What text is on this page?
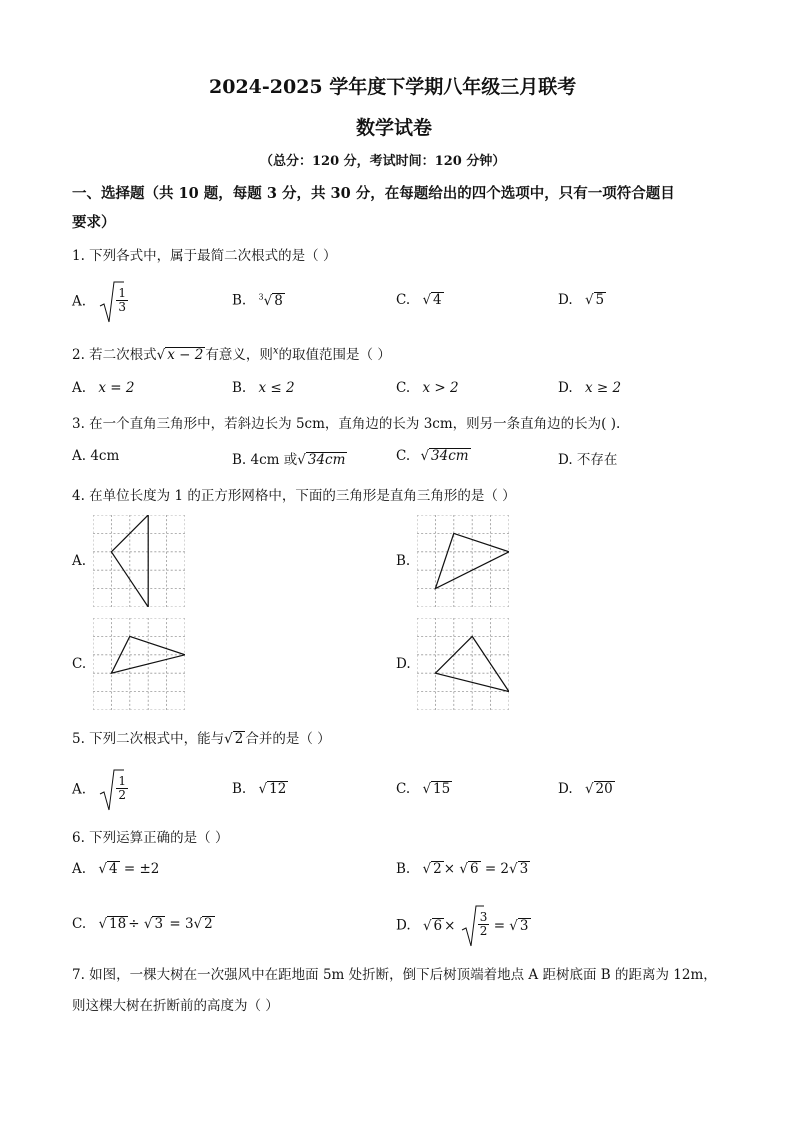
2024-2025 学年度下学期八年级三月联考
数学试卷
（总分：120 分，考试时间：120 分钟）
一、选择题（共 10 题，每题 3 分，共 30 分，在每题给出的四个选项中，只有一项符合题目
要求）
1. 下列各式中，属于最简二次根式的是（ ）
A.	$\frac{1}{3}$	B. $^3$√ 8	C. √ 4	D. √ 5
2. 若二次根式√ x − 2 有意义，则$^x$的取值范围是（ ）
A. x = 2	B. x ≤ 2	C. x > 2	D. x ≥ 2
3. 在一个直角三角形中，若斜边长为 5cm，直角边的长为 3cm，则另一条直角边的长为( ).
A. 4cm	B. 4cm 或√ 34cm	C. √ 34cm	D. 不存在
4. 在单位长度为 1 的正方形网格中，下面的三角形是直角三角形的是（ ）
A.	B.
C.	D.
5. 下列二次根式中，能与√ 2 合并的是（ ）
A.	$\frac{1}{2}$	B. √ 12	C. √ 15	D. √ 20
6. 下列运算正确的是（ ）
A. √ 4 = ±2	B. √ 2 × √ 6 = 2√ 3
C. √ 18 ÷ √ 3 = 3√ 2	D. √ $6 \times \frac{3}{2}$ = √ 3
7. 如图，一棵大树在一次强风中在距地面 5m 处折断，倒下后树顶端着地点 A 距树底面 B 的距离为 12m，
则这棵大树在折断前的高度为（ ）
